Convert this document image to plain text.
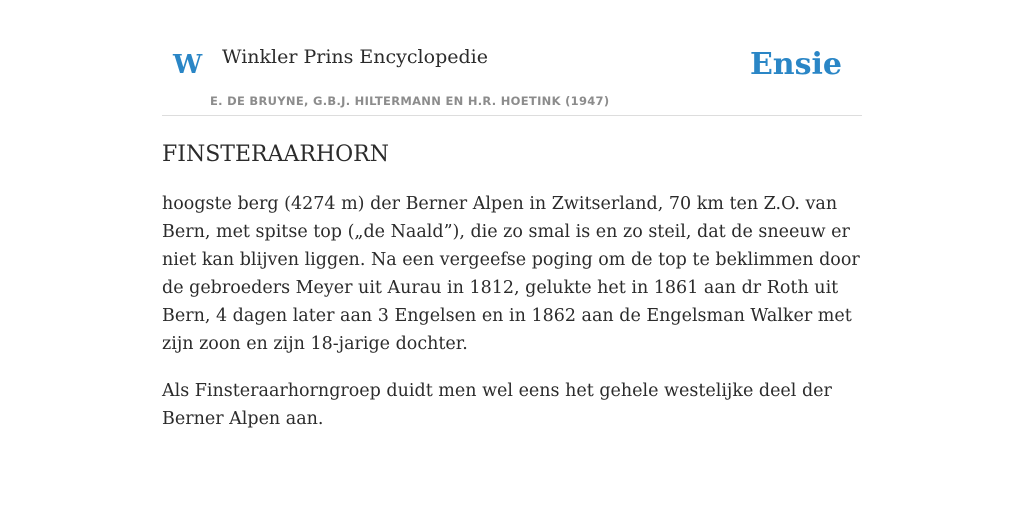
W Winkler Prins Encyclopedie
E. DE BRUYNE, G.B.J. HILTERMANN EN H.R. HOETINK (1947)
Ensie
FINSTERAARHORN

hoogste berg (4274 m) der Berner Alpen in Zwitserland, 70 km ten Z.O. van Bern, met spitse top („de Naald”), die zo smal is en zo steil, dat de sneeuw er niet kan blijven liggen. Na een vergeefse poging om de top te beklimmen door de gebroeders Meyer uit Aurau in 1812, gelukte het in 1861 aan dr Roth uit Bern, 4 dagen later aan 3 Engelsen en in 1862 aan de Engelsman Walker met zijn zoon en zijn 18-jarige dochter.

Als Finsteraarhorngroep duidt men wel eens het gehele westelijke deel der Berner Alpen aan.
